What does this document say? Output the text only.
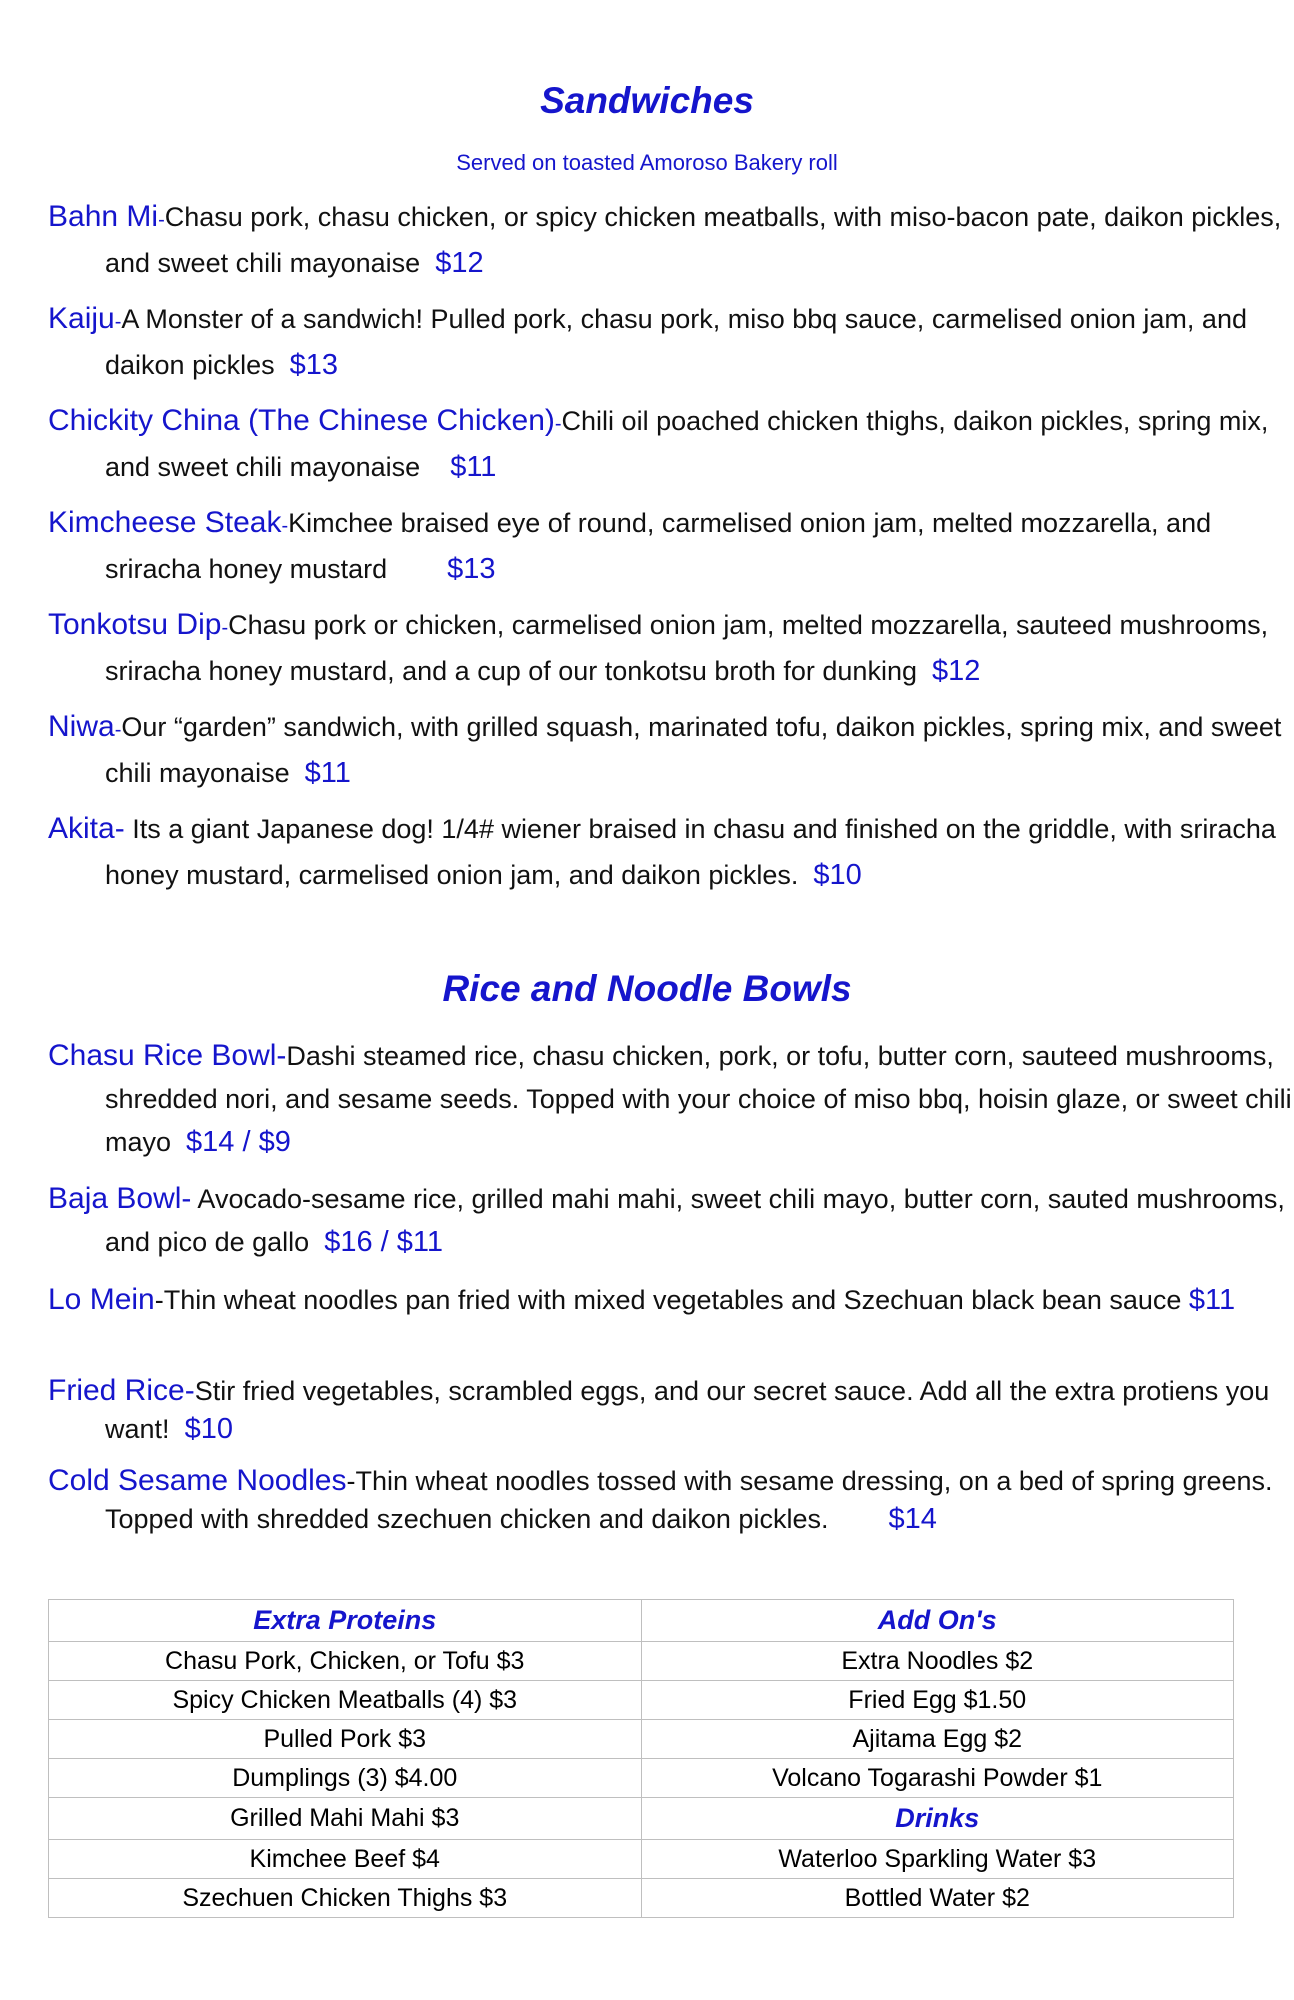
Sandwiches
Served on toasted Amoroso Bakery roll
Bahn Mi-Chasu pork, chasu chicken, or spicy chicken meatballs, with miso-bacon pate, daikon pickles, and sweet chili mayonaise $12
Kaiju-A Monster of a sandwich! Pulled pork, chasu pork, miso bbq sauce, carmelised onion jam, and daikon pickles $13
Chickity China (The Chinese Chicken)-Chili oil poached chicken thighs, daikon pickles, spring mix, and sweet chili mayonaise $11
Kimcheese Steak-Kimchee braised eye of round, carmelised onion jam, melted mozzarella, and sriracha honey mustard $13
Tonkotsu Dip-Chasu pork or chicken, carmelised onion jam, melted mozzarella, sauteed mushrooms, sriracha honey mustard, and a cup of our tonkotsu broth for dunking $12
Niwa-Our “garden” sandwich, with grilled squash, marinated tofu, daikon pickles, spring mix, and sweet chili mayonaise $11
Akita- Its a giant Japanese dog! 1/4# wiener braised in chasu and finished on the griddle, with sriracha honey mustard, carmelised onion jam, and daikon pickles. $10
Rice and Noodle Bowls
Chasu Rice Bowl-Dashi steamed rice, chasu chicken, pork, or tofu, butter corn, sauteed mushrooms, shredded nori, and sesame seeds. Topped with your choice of miso bbq, hoisin glaze, or sweet chili mayo $14 / $9
Baja Bowl- Avocado-sesame rice, grilled mahi mahi, sweet chili mayo, butter corn, sauted mushrooms, and pico de gallo $16 / $11
Lo Mein-Thin wheat noodles pan fried with mixed vegetables and Szechuan black bean sauce $11
Fried Rice-Stir fried vegetables, scrambled eggs, and our secret sauce. Add all the extra protiens you want! $10
Cold Sesame Noodles-Thin wheat noodles tossed with sesame dressing, on a bed of spring greens. Topped with shredded szechuen chicken and daikon pickles. $14
Extra Proteins	Add On's
Chasu Pork, Chicken, or Tofu $3	Extra Noodles $2
Spicy Chicken Meatballs (4) $3	Fried Egg $1.50
Pulled Pork $3	Ajitama Egg $2
Dumplings (3) $4.00	Volcano Togarashi Powder $1
Grilled Mahi Mahi $3	Drinks
Kimchee Beef $4	Waterloo Sparkling Water $3
Szechuen Chicken Thighs $3	Bottled Water $2
